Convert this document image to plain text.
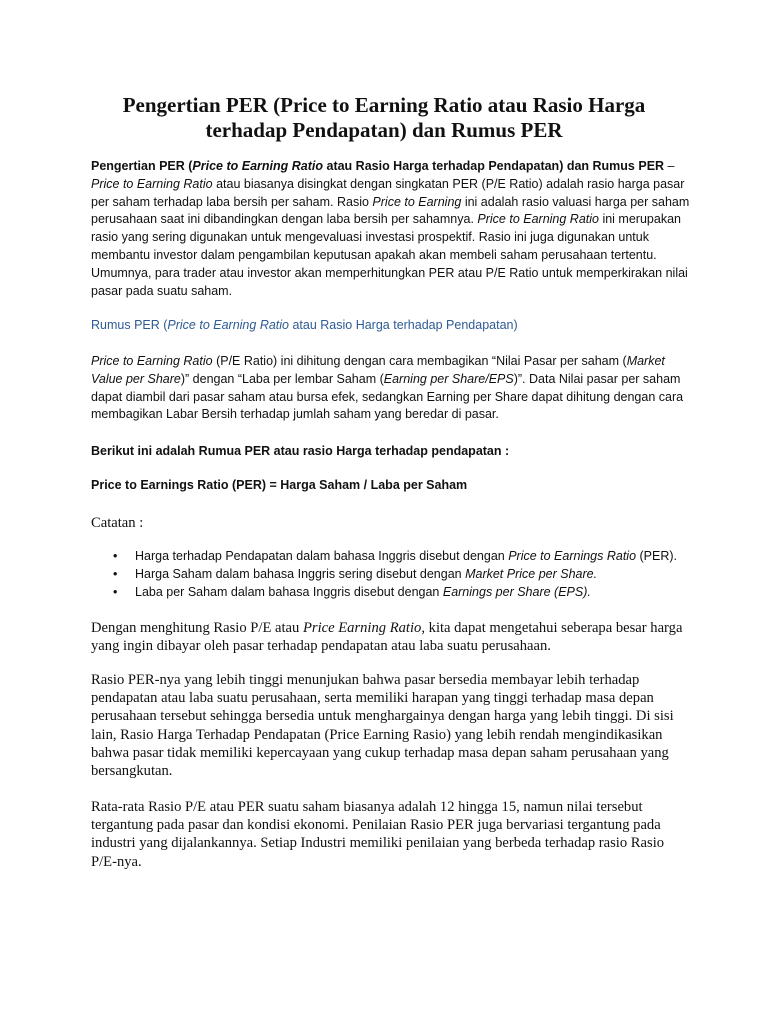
Pengertian PER (Price to Earning Ratio atau Rasio Harga terhadap Pendapatan) dan Rumus PER

Pengertian PER (Price to Earning Ratio atau Rasio Harga terhadap Pendapatan) dan Rumus PER – Price to Earning Ratio atau biasanya disingkat dengan singkatan PER (P/E Ratio) adalah rasio harga pasar per saham terhadap laba bersih per saham. Rasio Price to Earning ini adalah rasio valuasi harga per saham perusahaan saat ini dibandingkan dengan laba bersih per sahamnya. Price to Earning Ratio ini merupakan rasio yang sering digunakan untuk mengevaluasi investasi prospektif. Rasio ini juga digunakan untuk membantu investor dalam pengambilan keputusan apakah akan membeli saham perusahaan tertentu. Umumnya, para trader atau investor akan memperhitungkan PER atau P/E Ratio untuk memperkirakan nilai pasar pada suatu saham.

Rumus PER (Price to Earning Ratio atau Rasio Harga terhadap Pendapatan)

Price to Earning Ratio (P/E Ratio) ini dihitung dengan cara membagikan “Nilai Pasar per saham (Market Value per Share)” dengan “Laba per lembar Saham (Earning per Share/EPS)”. Data Nilai pasar per saham dapat diambil dari pasar saham atau bursa efek, sedangkan Earning per Share dapat dihitung dengan cara membagikan Labar Bersih terhadap jumlah saham yang beredar di pasar.

Berikut ini adalah Rumua PER atau rasio Harga terhadap pendapatan :

Price to Earnings Ratio (PER) = Harga Saham / Laba per Saham

Catatan :

• Harga terhadap Pendapatan dalam bahasa Inggris disebut dengan Price to Earnings Ratio (PER).
• Harga Saham dalam bahasa Inggris sering disebut dengan Market Price per Share.
• Laba per Saham dalam bahasa Inggris disebut dengan Earnings per Share (EPS).

Dengan menghitung Rasio P/E atau Price Earning Ratio, kita dapat mengetahui seberapa besar harga yang ingin dibayar oleh pasar terhadap pendapatan atau laba suatu perusahaan.

Rasio PER-nya yang lebih tinggi menunjukan bahwa pasar bersedia membayar lebih terhadap pendapatan atau laba suatu perusahaan, serta memiliki harapan yang tinggi terhadap masa depan perusahaan tersebut sehingga bersedia untuk menghargainya dengan harga yang lebih tinggi. Di sisi lain, Rasio Harga Terhadap Pendapatan (Price Earning Rasio) yang lebih rendah mengindikasikan bahwa pasar tidak memiliki kepercayaan yang cukup terhadap masa depan saham perusahaan yang bersangkutan.

Rata-rata Rasio P/E atau PER suatu saham biasanya adalah 12 hingga 15, namun nilai tersebut tergantung pada pasar dan kondisi ekonomi. Penilaian Rasio PER juga bervariasi tergantung pada industri yang dijalankannya. Setiap Industri memiliki penilaian yang berbeda terhadap rasio Rasio P/E-nya.
